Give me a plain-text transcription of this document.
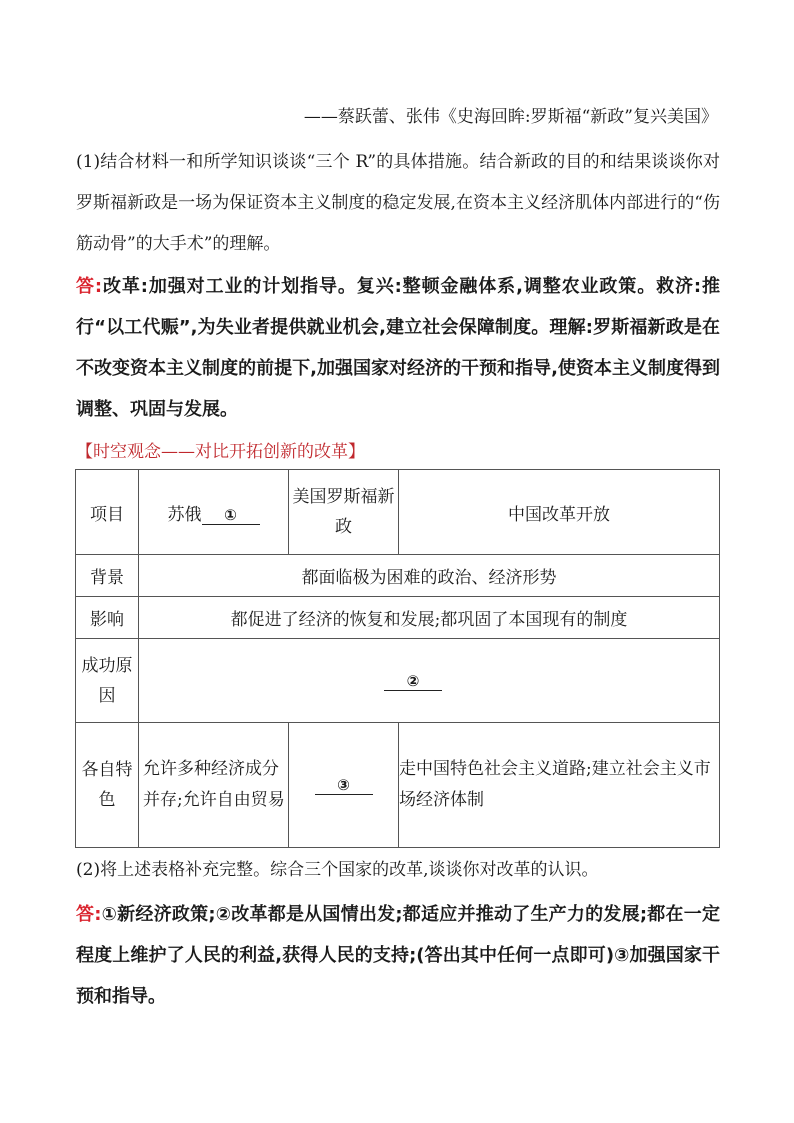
——蔡跃蕾、张伟《史海回眸:罗斯福“新政”复兴美国》
(1)结合材料一和所学知识谈谈“三个 R”的具体措施。结合新政的目的和结果谈谈你对罗斯福新政是一场为保证资本主义制度的稳定发展,在资本主义经济肌体内部进行的“伤筋动骨”的大手术”的理解。
答:改革:加强对工业的计划指导。复兴:整顿金融体系,调整农业政策。救济:推行“以工代赈”,为失业者提供就业机会,建立社会保障制度。理解:罗斯福新政是在不改变资本主义制度的前提下,加强国家对经济的干预和指导,使资本主义制度得到调整、巩固与发展。
【时空观念——对比开拓创新的改革】
项目	苏俄 ①	美国罗斯福新政	中国改革开放
背景	都面临极为困难的政治、经济形势		
影响	都促进了经济的恢复和发展;都巩固了本国现有的制度		
成功原因	②		
各自特色	允许多种经济成分并存;允许自由贸易	③	走中国特色社会主义道路;建立社会主义市场经济体制
(2)将上述表格补充完整。综合三个国家的改革,谈谈你对改革的认识。
答:①新经济政策;②改革都是从国情出发;都适应并推动了生产力的发展;都在一定程度上维护了人民的利益,获得人民的支持;(答出其中任何一点即可)③加强国家干预和指导。
